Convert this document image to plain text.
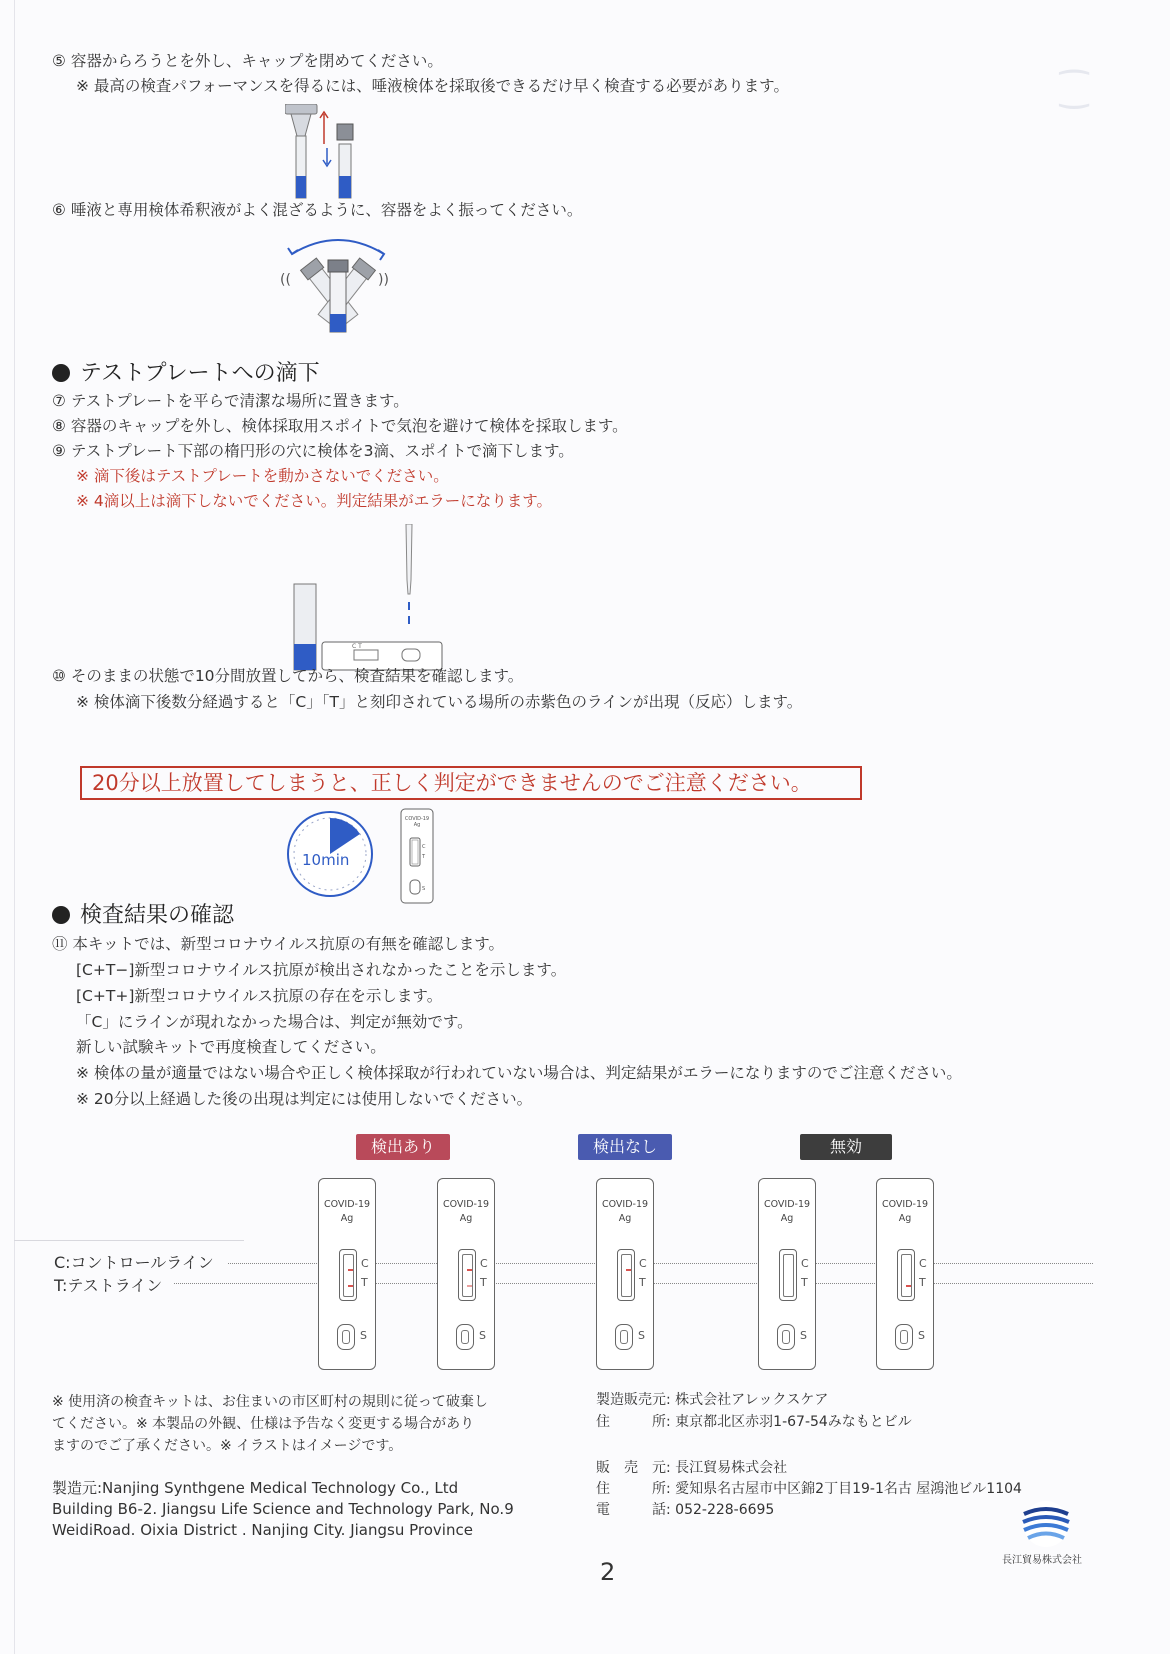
⁐
⑤ 容器からろうとを外し、キャップを閉めてください。
※ 最高の検査パフォーマンスを得るには、唾液検体を採取後できるだけ早く検査する必要があります。
⑥ 唾液と専用検体希釈液がよく混ざるように、容器をよく振ってください。
((	))
テストプレートへの滴下
⑦ テストプレートを平らで清潔な場所に置きます。
⑧ 容器のキャップを外し、検体採取用スポイトで気泡を避けて検体を採取します。
⑨ テストプレート下部の楕円形の穴に検体を3滴、スポイトで滴下します。
※ 滴下後はテストプレートを動かさないでください。
※ 4滴以上は滴下しないでください。判定結果がエラーになります。
C T
⑩ そのままの状態で10分間放置してから、検査結果を確認します。
※ 検体滴下後数分経過すると「C」「T」と刻印されている場所の赤紫色のラインが出現（反応）します。
20分以上放置してしまうと、正しく判定ができませんのでご注意ください。
10min
COVID-19
Ag
C
T
S
検査結果の確認
⑪ 本キットでは、新型コロナウイルス抗原の有無を確認します。
[C+T−]新型コロナウイルス抗原が検出されなかったことを示します。
[C+T+]新型コロナウイルス抗原の存在を示します。
「C」にラインが現れなかった場合は、判定が無効です。
新しい試験キットで再度検査してください。
※ 検体の量が適量ではない場合や正しく検体採取が行われていない場合は、判定結果がエラーになりますのでご注意ください。
※ 20分以上経過した後の出現は判定には使用しないでください。
検出あり	検出なし	無効
C:コントロールライン
T:テストライン
COVID-19
Ag
C
T
S
COVID-19
Ag
C
T
S
COVID-19
Ag
C
T
S
COVID-19
Ag
C
T
S
COVID-19
Ag
C
T
S
※ 使用済の検査キットは、お住まいの市区町村の規則に従って破棄し
てください。※ 本製品の外観、仕様は予告なく変更する場合があり
ますのでご了承ください。※ イラストはイメージです。
製造元:Nanjing Synthgene Medical Technology Co., Ltd
Building B6-2. Jiangsu Life Science and Technology Park, No.9
WeidiRoad. Oixia District . Nanjing City. Jiangsu Province
製造販売元: 株式会社アレックスケア
住　　　所: 東京都北区赤羽1-67-54みなもとビル
販　売　元: 長江貿易株式会社
住　　　所: 愛知県名古屋市中区錦2丁目19-1名古 屋鴻池ビル1104
電　　　話: 052-228-6695
2	長江貿易株式会社
